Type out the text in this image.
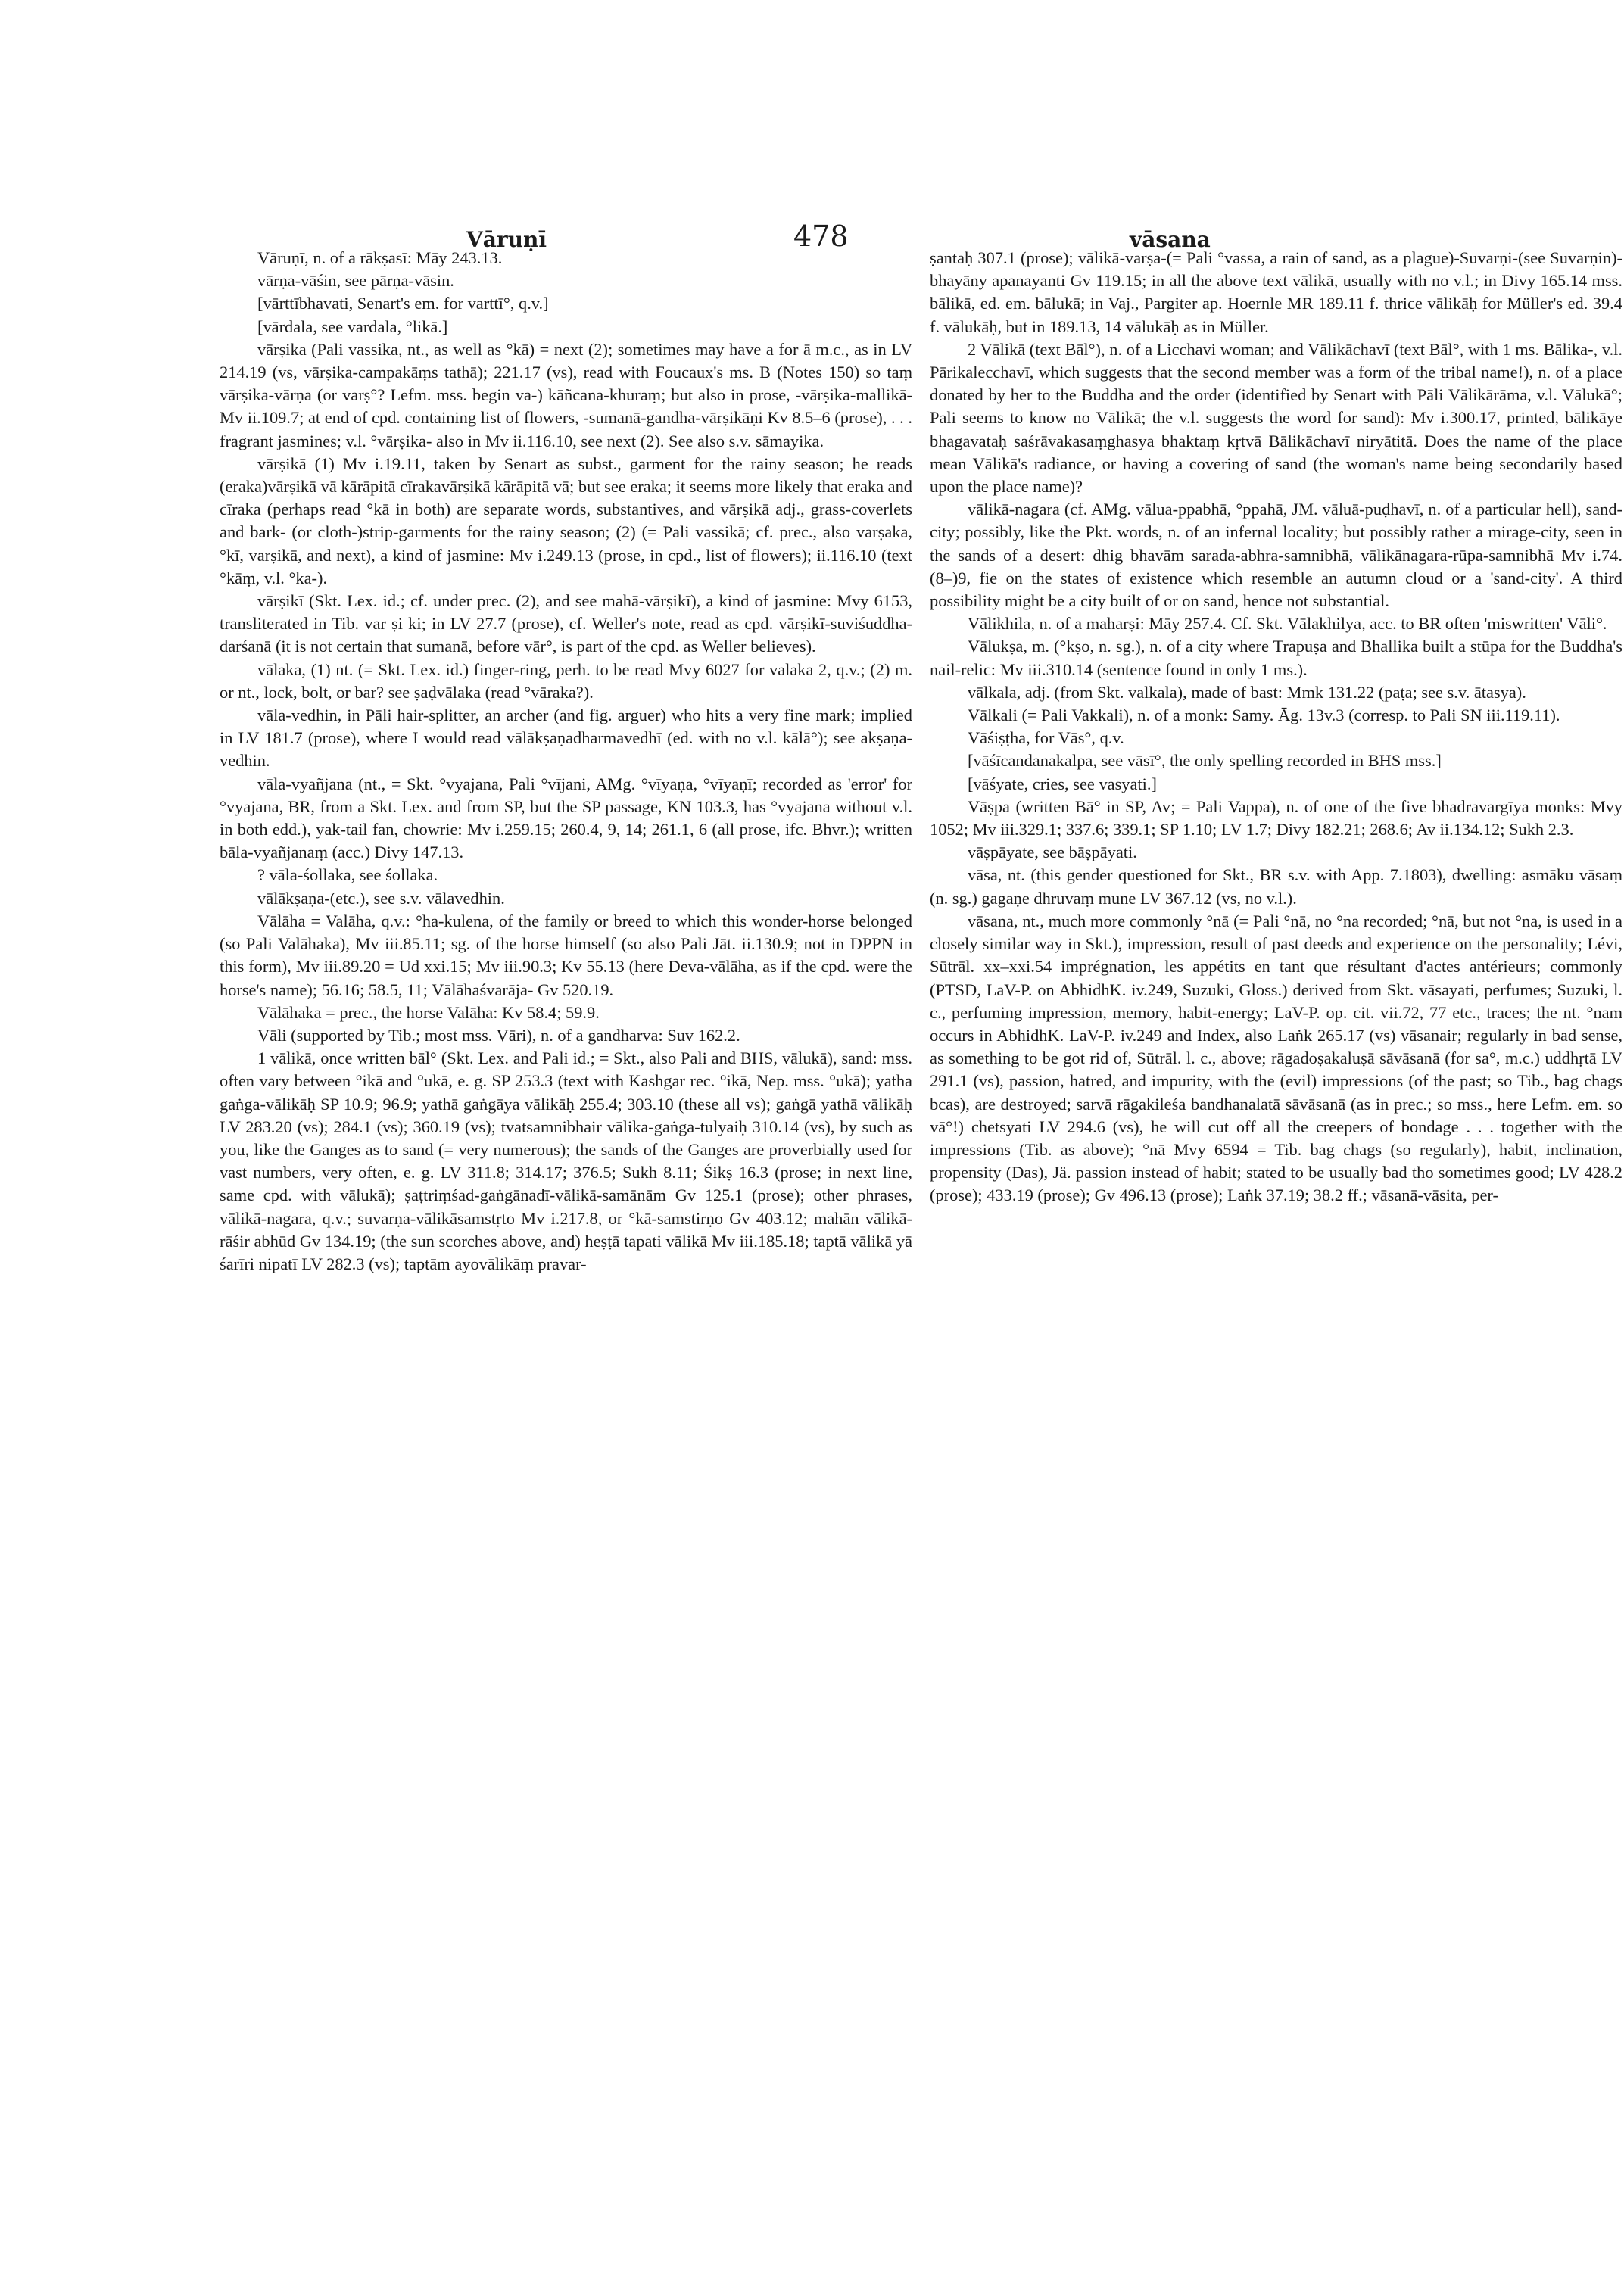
Vāruṇī	478	vāsana

Vāruṇī, n. of a rākṣasī: Māy 243.13.

vārṇa-vāśin, see pārṇa-vāsin.

[vārttībhavati, Senart's em. for varttī°, q.v.]

[vārdala, see vardala, °likā.]

vārṣika (Pali vassika, nt., as well as °kā) = next (2); sometimes may have a for ā m.c., as in LV 214.19 (vs, vārṣika-campakāṃs tathā); 221.17 (vs), read with Foucaux's ms. B (Notes 150) so taṃ vārṣika-vārṇa (or varṣ°? Lefm. mss. begin va-) kāñcana-khuraṃ; but also in prose, -vārṣika-mallikā- Mv ii.109.7; at end of cpd. containing list of flowers, -sumanā-gandha-vārṣikāṇi Kv 8.5–6 (prose), . . . fragrant jasmines; v.l. °vārṣika- also in Mv ii.116.10, see next (2). See also s.v. sāmayika.

vārṣikā (1) Mv i.19.11, taken by Senart as subst., garment for the rainy season; he reads (eraka)vārṣikā vā kārāpitā cīrakavārṣikā kārāpitā vā; but see eraka; it seems more likely that eraka and cīraka (perhaps read °kā in both) are separate words, substantives, and vārṣikā adj., grass-coverlets and bark- (or cloth-)strip-garments for the rainy season; (2) (= Pali vassikā; cf. prec., also varṣaka, °kī, varṣikā, and next), a kind of jasmine: Mv i.249.13 (prose, in cpd., list of flowers); ii.116.10 (text °kāṃ, v.l. °ka-).

vārṣikī (Skt. Lex. id.; cf. under prec. (2), and see mahā-vārṣikī), a kind of jasmine: Mvy 6153, transliterated in Tib. var ṣi ki; in LV 27.7 (prose), cf. Weller's note, read as cpd. vārṣikī-suviśuddha-darśanā (it is not certain that sumanā, before vār°, is part of the cpd. as Weller believes).

vālaka, (1) nt. (= Skt. Lex. id.) finger-ring, perh. to be read Mvy 6027 for valaka 2, q.v.; (2) m. or nt., lock, bolt, or bar? see ṣaḍvālaka (read °vāraka?).

vāla-vedhin, in Pāli hair-splitter, an archer (and fig. arguer) who hits a very fine mark; implied in LV 181.7 (prose), where I would read vālākṣaṇadharmavedhī (ed. with no v.l. kālā°); see akṣaṇa-vedhin.

vāla-vyañjana (nt., = Skt. °vyajana, Pali °vījani, AMg. °vīyaṇa, °vīyaṇī; recorded as 'error' for °vyajana, BR, from a Skt. Lex. and from SP, but the SP passage, KN 103.3, has °vyajana without v.l. in both edd.), yak-tail fan, chowrie: Mv i.259.15; 260.4, 9, 14; 261.1, 6 (all prose, ifc. Bhvr.); written bāla-vyañjanaṃ (acc.) Divy 147.13.

? vāla-śollaka, see śollaka.

vālākṣaṇa-(etc.), see s.v. vālavedhin.

Vālāha = Valāha, q.v.: °ha-kulena, of the family or breed to which this wonder-horse belonged (so Pali Valāhaka), Mv iii.85.11; sg. of the horse himself (so also Pali Jāt. ii.130.9; not in DPPN in this form), Mv iii.89.20 = Ud xxi.15; Mv iii.90.3; Kv 55.13 (here Deva-vālāha, as if the cpd. were the horse's name); 56.16; 58.5, 11; Vālāhaśvarāja- Gv 520.19.

Vālāhaka = prec., the horse Valāha: Kv 58.4; 59.9.

Vāli (supported by Tib.; most mss. Vāri), n. of a gandharva: Suv 162.2.

1 vālikā, once written bāl° (Skt. Lex. and Pali id.; = Skt., also Pali and BHS, vālukā), sand: mss. often vary between °ikā and °ukā, e. g. SP 253.3 (text with Kashgar rec. °ikā, Nep. mss. °ukā); yatha gaṅga-vālikāḥ SP 10.9; 96.9; yathā gaṅgāya vālikāḥ 255.4; 303.10 (these all vs); gaṅgā yathā vālikāḥ LV 283.20 (vs); 284.1 (vs); 360.19 (vs); tvatsamnibhair vālika-gaṅga-tulyaiḥ 310.14 (vs), by such as you, like the Ganges as to sand (= very numerous); the sands of the Ganges are proverbially used for vast numbers, very often, e. g. LV 311.8; 314.17; 376.5; Sukh 8.11; Śikṣ 16.3 (prose; in next line, same cpd. with vālukā); ṣaṭtriṃśad-gaṅgānadī-vālikā-samānām Gv 125.1 (prose); other phrases, vālikā-nagara, q.v.; suvarṇa-vālikāsamstṛto Mv i.217.8, or °kā-samstirṇo Gv 403.12; mahān vālikā-rāśir abhūd Gv 134.19; (the sun scorches above, and) heṣṭā tapati vālikā Mv iii.185.18; taptā vālikā yā śarīri nipatī LV 282.3 (vs); taptām ayovālikāṃ pravar-

ṣantaḥ 307.1 (prose); vālikā-varṣa-(= Pali °vassa, a rain of sand, as a plague)-Suvarṇi-(see Suvarṇin)-bhayāny apanayanti Gv 119.15; in all the above text vālikā, usually with no v.l.; in Divy 165.14 mss. bālikā, ed. em. bālukā; in Vaj., Pargiter ap. Hoernle MR 189.11 f. thrice vālikāḥ for Müller's ed. 39.4 f. vālukāḥ, but in 189.13, 14 vālukāḥ as in Müller.

2 Vālikā (text Bāl°), n. of a Licchavi woman; and Vālikāchavī (text Bāl°, with 1 ms. Bālika-, v.l. Pārikalecchavī, which suggests that the second member was a form of the tribal name!), n. of a place donated by her to the Buddha and the order (identified by Senart with Pāli Vālikārāma, v.l. Vālukā°; Pali seems to know no Vālikā; the v.l. suggests the word for sand): Mv i.300.17, printed, bālikāye bhagavataḥ saśrāvakasaṃghasya bhaktaṃ kṛtvā Bālikāchavī niryātitā. Does the name of the place mean Vālikā's radiance, or having a covering of sand (the woman's name being secondarily based upon the place name)?

vālikā-nagara (cf. AMg. vālua-ppabhā, °ppahā, JM. vāluā-puḍhavī, n. of a particular hell), sand-city; possibly, like the Pkt. words, n. of an infernal locality; but possibly rather a mirage-city, seen in the sands of a desert: dhig bhavām sarada-abhra-samnibhā, vālikānagara-rūpa-samnibhā Mv i.74.(8–)9, fie on the states of existence which resemble an autumn cloud or a 'sand-city'. A third possibility might be a city built of or on sand, hence not substantial.

Vālikhila, n. of a maharṣi: Māy 257.4. Cf. Skt. Vālakhilya, acc. to BR often 'miswritten' Vāli°.

Vālukṣa, m. (°kṣo, n. sg.), n. of a city where Trapuṣa and Bhallika built a stūpa for the Buddha's nail-relic: Mv iii.310.14 (sentence found in only 1 ms.).

vālkala, adj. (from Skt. valkala), made of bast: Mmk 131.22 (paṭa; see s.v. ātasya).

Vālkali (= Pali Vakkali), n. of a monk: Samy. Āg. 13v.3 (corresp. to Pali SN iii.119.11).

Vāśiṣṭha, for Vās°, q.v.

[vāśīcandanakalpa, see vāsī°, the only spelling recorded in BHS mss.]

[vāśyate, cries, see vasyati.]

Vāṣpa (written Bā° in SP, Av; = Pali Vappa), n. of one of the five bhadravargīya monks: Mvy 1052; Mv iii.329.1; 337.6; 339.1; SP 1.10; LV 1.7; Divy 182.21; 268.6; Av ii.134.12; Sukh 2.3.

vāṣpāyate, see bāṣpāyati.

vāsa, nt. (this gender questioned for Skt., BR s.v. with App. 7.1803), dwelling: asmāku vāsaṃ (n. sg.) gagaṇe dhruvaṃ mune LV 367.12 (vs, no v.l.).

vāsana, nt., much more commonly °nā (= Pali °nā, no °na recorded; °nā, but not °na, is used in a closely similar way in Skt.), impression, result of past deeds and experience on the personality; Lévi, Sūtrāl. xx–xxi.54 imprégnation, les appétits en tant que résultant d'actes antérieurs; commonly (PTSD, LaV-P. on AbhidhK. iv.249, Suzuki, Gloss.) derived from Skt. vāsayati, perfumes; Suzuki, l. c., perfuming impression, memory, habit-energy; LaV-P. op. cit. vii.72, 77 etc., traces; the nt. °nam occurs in AbhidhK. LaV-P. iv.249 and Index, also Laṅk 265.17 (vs) vāsanair; regularly in bad sense, as something to be got rid of, Sūtrāl. l. c., above; rāgadoṣakaluṣā sāvāsanā (for sa°, m.c.) uddhṛtā LV 291.1 (vs), passion, hatred, and impurity, with the (evil) impressions (of the past; so Tib., bag chags bcas), are destroyed; sarvā rāgakileśa bandhanalatā sāvāsanā (as in prec.; so mss., here Lefm. em. so vā°!) chetsyati LV 294.6 (vs), he will cut off all the creepers of bondage . . . together with the impressions (Tib. as above); °nā Mvy 6594 = Tib. bag chags (so regularly), habit, inclination, propensity (Das), Jä. passion instead of habit; stated to be usually bad tho sometimes good; LV 428.2 (prose); 433.19 (prose); Gv 496.13 (prose); Laṅk 37.19; 38.2 ff.; vāsanā-vāsita, per-
